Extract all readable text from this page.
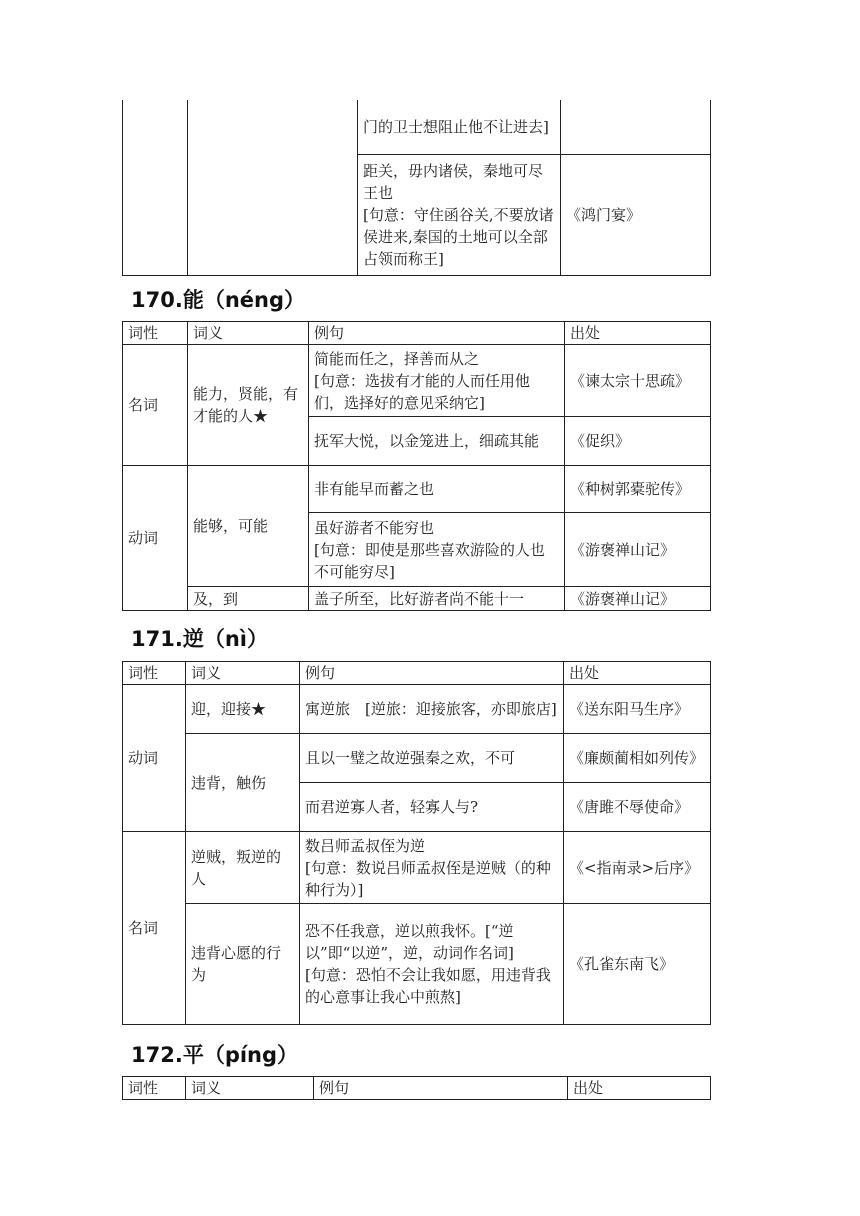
		门的卫士想阻止他不让进去]	
		距关，毋内诸侯，秦地可尽王也
[句意：守住函谷关,不要放诸侯进来,秦国的土地可以全部占领而称王]	《鸿门宴》
170.能（néng）
词性	词义	例句	出处
名词	能力，贤能，有才能的人★	简能而任之，择善而从之
[句意：选拔有才能的人而任用他们，选择好的意见采纳它]	《谏太宗十思疏》
		抚军大悦，以金笼进上，细疏其能	《促织》
动词	能够，可能	非有能早而蓄之也	《种树郭橐驼传》
		虽好游者不能穷也
[句意：即使是那些喜欢游险的人也不可能穷尽]	《游褒禅山记》
	及，到	盖子所至，比好游者尚不能十一	《游褒禅山记》
171.逆（nì）
词性	词义	例句	出处
动词	迎，迎接★	寓逆旅　[逆旅：迎接旅客，亦即旅店]	《送东阳马生序》
	违背，触伤	且以一璧之故逆强秦之欢，不可	《廉颇蔺相如列传》
		而君逆寡人者，轻寡人与?	《唐雎不辱使命》
名词	逆贼，叛逆的人	数吕师孟叔侄为逆
[句意：数说吕师孟叔侄是逆贼（的种种行为）]	《<指南录>后序》
	违背心愿的行为	恐不任我意，逆以煎我怀。[“逆以”即“以逆”，逆，动词作名词]
[句意：恐怕不会让我如愿，用违背我的心意事让我心中煎熬]	《孔雀东南飞》
172.平（píng）
词性	词义	例句	出处
